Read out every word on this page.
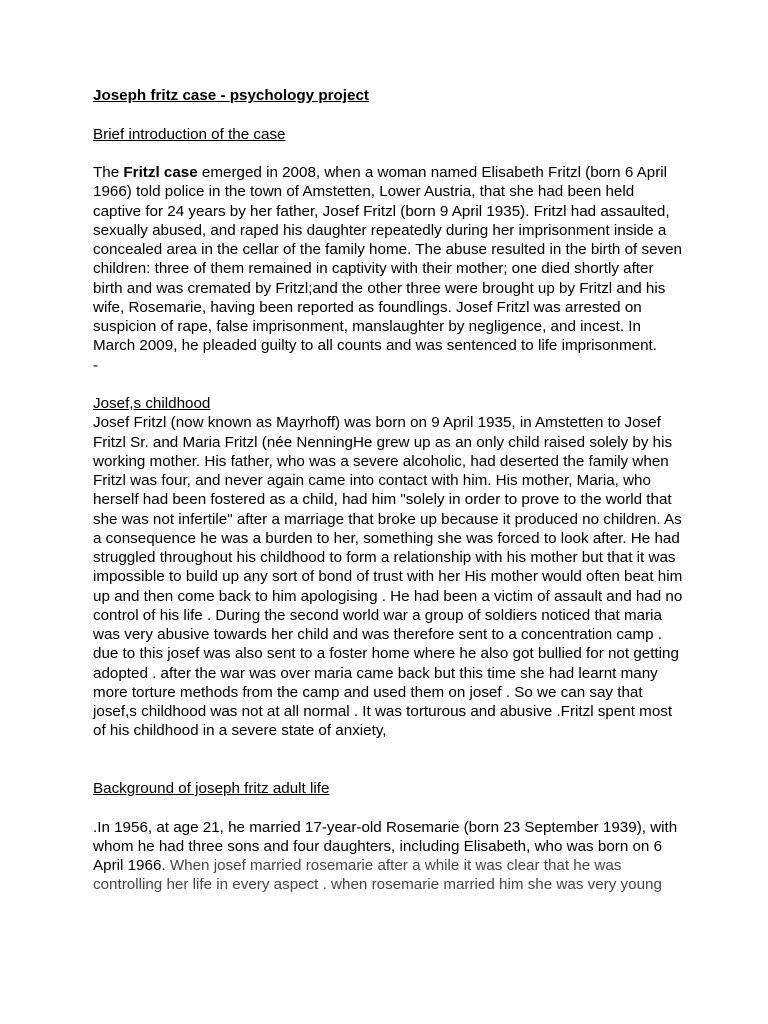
Joseph fritz case - psychology project

Brief introduction of the case

The Fritzl case emerged in 2008, when a woman named Elisabeth Fritzl (born 6 April 1966) told police in the town of Amstetten, Lower Austria, that she had been held captive for 24 years by her father, Josef Fritzl (born 9 April 1935). Fritzl had assaulted, sexually abused, and raped his daughter repeatedly during her imprisonment inside a concealed area in the cellar of the family home. The abuse resulted in the birth of seven children: three of them remained in captivity with their mother; one died shortly after birth and was cremated by Fritzl;and the other three were brought up by Fritzl and his wife, Rosemarie, having been reported as foundlings. Josef Fritzl was arrested on suspicion of rape, false imprisonment, manslaughter by negligence, and incest. In March 2009, he pleaded guilty to all counts and was sentenced to life imprisonment.

-

Josef,s childhood

Josef Fritzl (now known as Mayrhoff) was born on 9 April 1935, in Amstetten to Josef Fritzl Sr. and Maria Fritzl (née NenningHe grew up as an only child raised solely by his working mother. His father, who was a severe alcoholic, had deserted the family when Fritzl was four, and never again came into contact with him. His mother, Maria, who herself had been fostered as a child, had him "solely in order to prove to the world that she was not infertile" after a marriage that broke up because it produced no children. As a consequence he was a burden to her, something she was forced to look after. He had struggled throughout his childhood to form a relationship with his mother but that it was impossible to build up any sort of bond of trust with her His mother would often beat him up and then come back to him apologising . He had been a victim of assault and had no control of his life . During the second world war a group of soldiers noticed that maria was very abusive towards her child and was therefore sent to a concentration camp . due to this josef was also sent to a foster home where he also got bullied for not getting adopted . after the war was over maria came back but this time she had learnt many more torture methods from the camp and used them on josef . So we can say that josef,s childhood was not at all normal . It was torturous and abusive .Fritzl spent most of his childhood in a severe state of anxiety,

Background of joseph fritz adult life

.In 1956, at age 21, he married 17-year-old Rosemarie (born 23 September 1939), with whom he had three sons and four daughters, including Elisabeth, who was born on 6 April 1966. When josef married rosemarie after a while it was clear that he was controlling her life in every aspect . when rosemarie married him she was very young
